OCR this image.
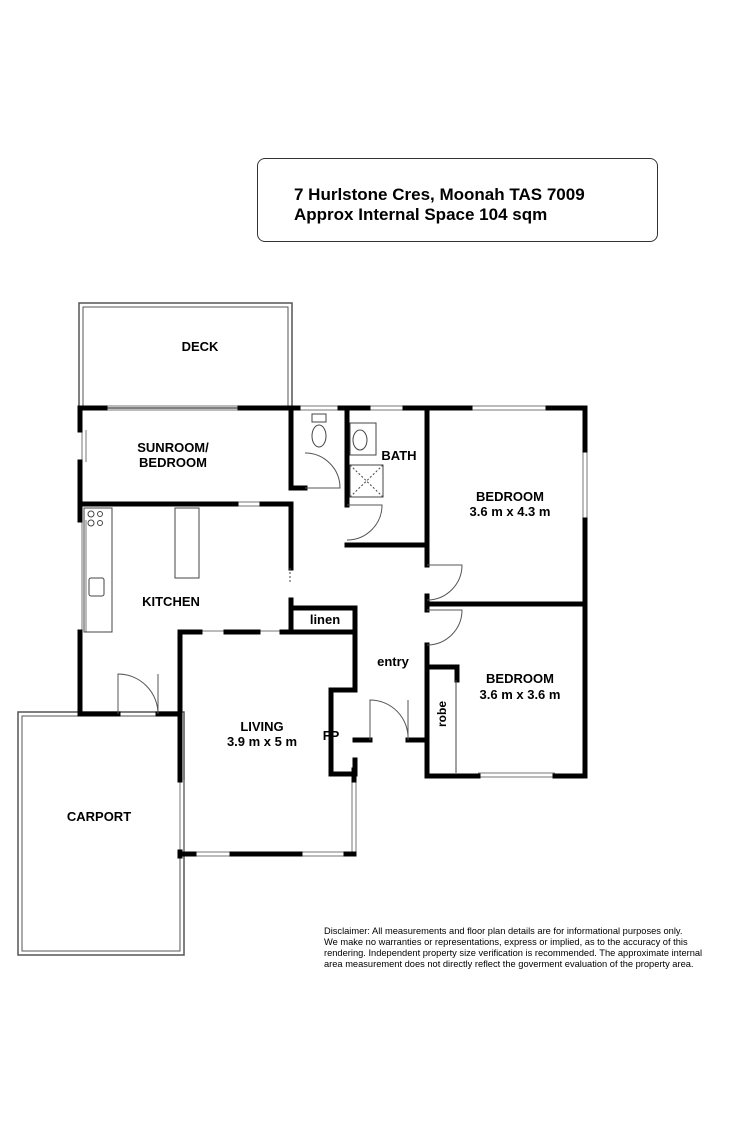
7 Hurlstone Cres, Moonah TAS 7009
Approx Internal Space 104 sqm
DECK
SUNROOM/
BEDROOM	BATH
BEDROOM
3.6 m x 4.3 m
KITCHEN
linen
entry
BEDROOM
3.6 m x 3.6 m
robe
LIVING
3.9 m x 5 m FP
CARPORT
Disclaimer: All measurements and floor plan details are for informational purposes only.
We make no warranties or representations, express or implied, as to the accuracy of this
rendering. Independent property size verification is recommended. The approximate internal
area measurement does not directly reflect the goverment evaluation of the property area.
